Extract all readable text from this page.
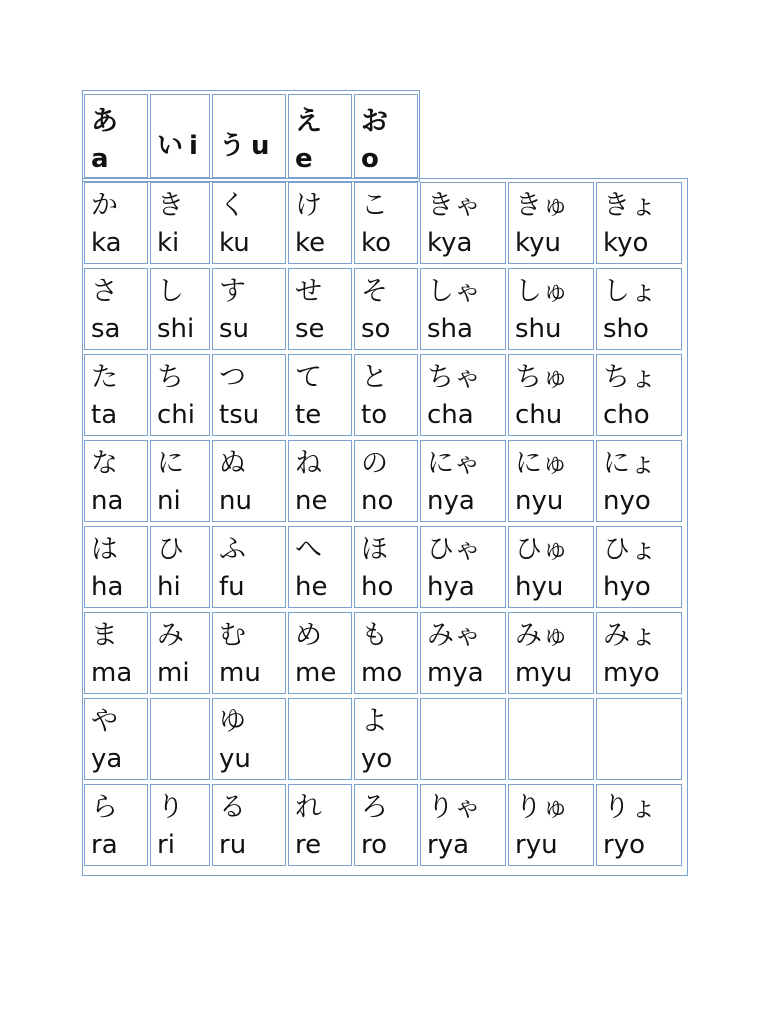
あ
a い i う u
え
e
お
o
か
ka
き
ki
く
ku
け
ke
こ
ko
きゃ
kya
きゅ
kyu
きょ
kyo
さ
sa
し
shi
す
su
せ
se
そ
so
しゃ
sha
しゅ
shu
しょ
sho
た
ta
ち
chi
つ
tsu
て
te
と
to
ちゃ
cha
ちゅ
chu
ちょ
cho
な
na
に
ni
ぬ
nu
ね
ne
の
no
にゃ
nya
にゅ
nyu
にょ
nyo
は
ha
ひ
hi
ふ
fu
へ
he
ほ
ho
ひゃ
hya
ひゅ
hyu
ひょ
hyo
ま
ma
み
mi
む
mu
め
me
も
mo
みゃ
mya
みゅ
myu
みょ
myo
や
ya
ゆ
yu
よ
yo
ら
ra
り
ri
る
ru
れ
re
ろ
ro
りゃ
rya
りゅ
ryu
りょ
ryo
